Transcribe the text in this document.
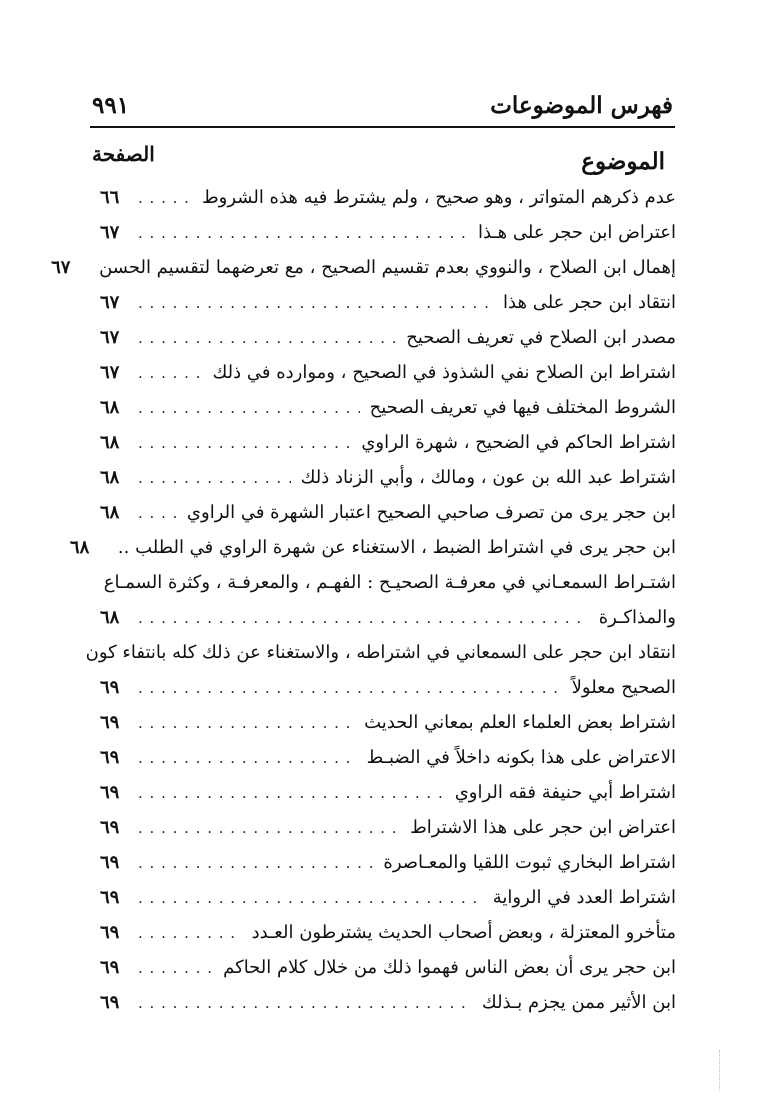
فهرس الموضوعات
٩٩١
الموضوع
الصفحة
عدم ذكرهم المتواتر ، وهو صحيح ، ولم يشترط فيه هذه الشروط
. . .
٦٦
اعتراض ابن حجر على هـذا
. . .
٦٧
إهمال ابن الصلاح ، والنووي بعدم تقسيم الصحيح ، مع تعرضهما لتقسيم الحسن
٦٧
انتقاد ابن حجر على هذا
. . .
٦٧
مصدر ابن الصلاح في تعريف الصحيح
. . .
٦٧
اشتراط ابن الصلاح نفي الشذوذ في الصحيح ، وموارده في ذلك
. . .
٦٧
الشروط المختلف فيها في تعريف الصحيح
. . .
٦٨
اشتراط الحاكم في الضحيح ، شهرة الراوي
. . .
٦٨
اشتراط عبد الله بن عون ، ومالك ، وأبي الزناد ذلك
. . .
٦٨
ابن حجر يرى من تصرف صاحبي الصحيح اعتبار الشهرة في الراوي
. . .
٦٨
ابن حجر يرى في اشتراط الضبط ، الاستغناء عن شهرة الراوي في الطلب ..
٦٨
اشتـراط السمعـاني في معرفـة الصحيـح : الفهـم ، والمعرفـة ، وكثرة السمـاع
والمذاكـرة
. . .
٦٨
انتقاد ابن حجر على السمعاني في اشتراطه ، والاستغناء عن ذلك كله بانتفاء كون
الصحيح معلولاً
. . .
٦٩
اشتراط بعض العلماء العلم بمعاني الحديث
. . .
٦٩
الاعتراض على هذا بكونه داخلاً في الضبـط
. . .
٦٩
اشتراط أبي حنيفة فقه الراوي
. . .
٦٩
اعتراض ابن حجر على هذا الاشتراط
. . .
٦٩
اشتراط البخاري ثبوت اللقيا والمعـاصرة
. . .
٦٩
اشتراط العدد في الرواية
. . .
٦٩
متأخرو المعتزلة ، وبعض أصحاب الحديث يشترطون العـدد
. . .
٦٩
ابن حجر يرى أن بعض الناس فهموا ذلك من خلال كلام الحاكم
. . .
٦٩
ابن الأثير ممن يجزم بـذلك
. . .
٦٩
